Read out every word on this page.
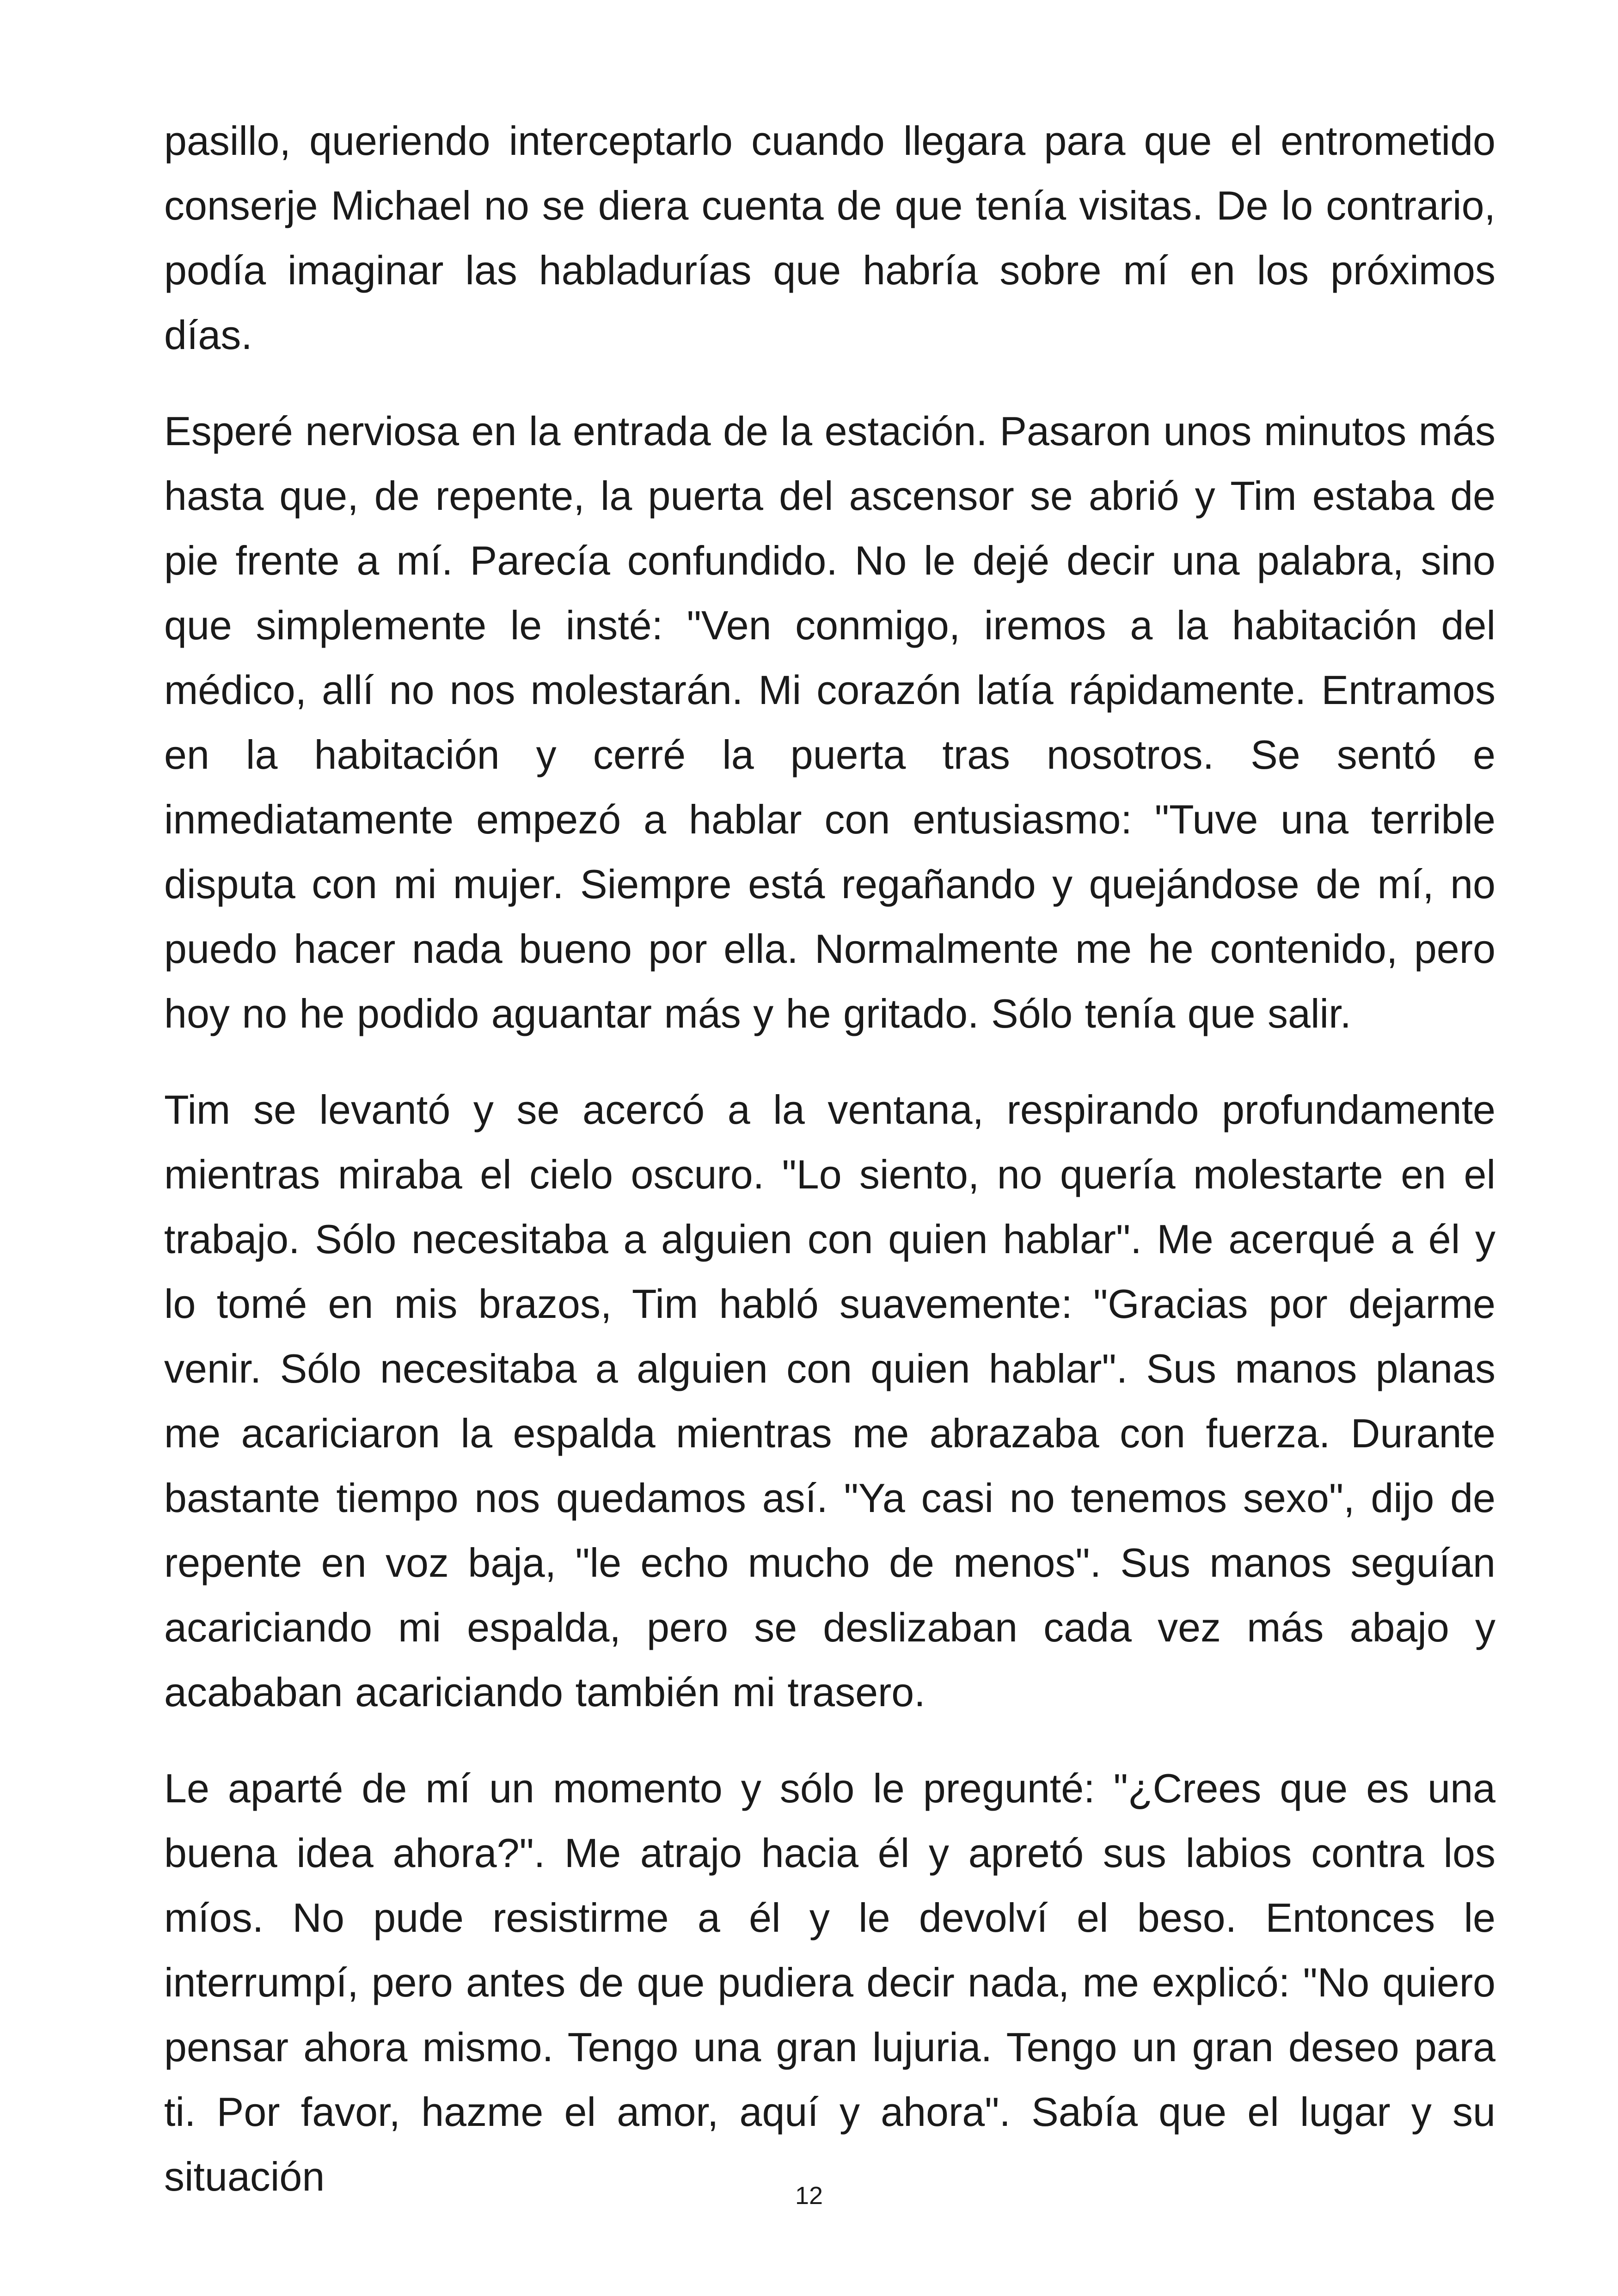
pasillo, queriendo interceptarlo cuando llegara para que el entrometido conserje Michael no se diera cuenta de que tenía visitas. De lo contrario, podía imaginar las habladurías que habría sobre mí en los próximos días.

Esperé nerviosa en la entrada de la estación. Pasaron unos minutos más hasta que, de repente, la puerta del ascensor se abrió y Tim estaba de pie frente a mí. Parecía confundido. No le dejé decir una palabra, sino que simplemente le insté: "Ven conmigo, iremos a la habitación del médico, allí no nos molestarán. Mi corazón latía rápidamente. Entramos en la habitación y cerré la puerta tras nosotros. Se sentó e inmediatamente empezó a hablar con entusiasmo: "Tuve una terrible disputa con mi mujer. Siempre está regañando y quejándose de mí, no puedo hacer nada bueno por ella. Normalmente me he contenido, pero hoy no he podido aguantar más y he gritado. Sólo tenía que salir.

Tim se levantó y se acercó a la ventana, respirando profundamente mientras miraba el cielo oscuro. "Lo siento, no quería molestarte en el trabajo. Sólo necesitaba a alguien con quien hablar". Me acerqué a él y lo tomé en mis brazos, Tim habló suavemente: "Gracias por dejarme venir. Sólo necesitaba a alguien con quien hablar". Sus manos planas me acariciaron la espalda mientras me abrazaba con fuerza. Durante bastante tiempo nos quedamos así. "Ya casi no tenemos sexo", dijo de repente en voz baja, "le echo mucho de menos". Sus manos seguían acariciando mi espalda, pero se deslizaban cada vez más abajo y acababan acariciando también mi trasero.

Le aparté de mí un momento y sólo le pregunté: "¿Crees que es una buena idea ahora?". Me atrajo hacia él y apretó sus labios contra los míos. No pude resistirme a él y le devolví el beso. Entonces le interrumpí, pero antes de que pudiera decir nada, me explicó: "No quiero pensar ahora mismo. Tengo una gran lujuria. Tengo un gran deseo para ti. Por favor, hazme el amor, aquí y ahora". Sabía que el lugar y su situación	12
